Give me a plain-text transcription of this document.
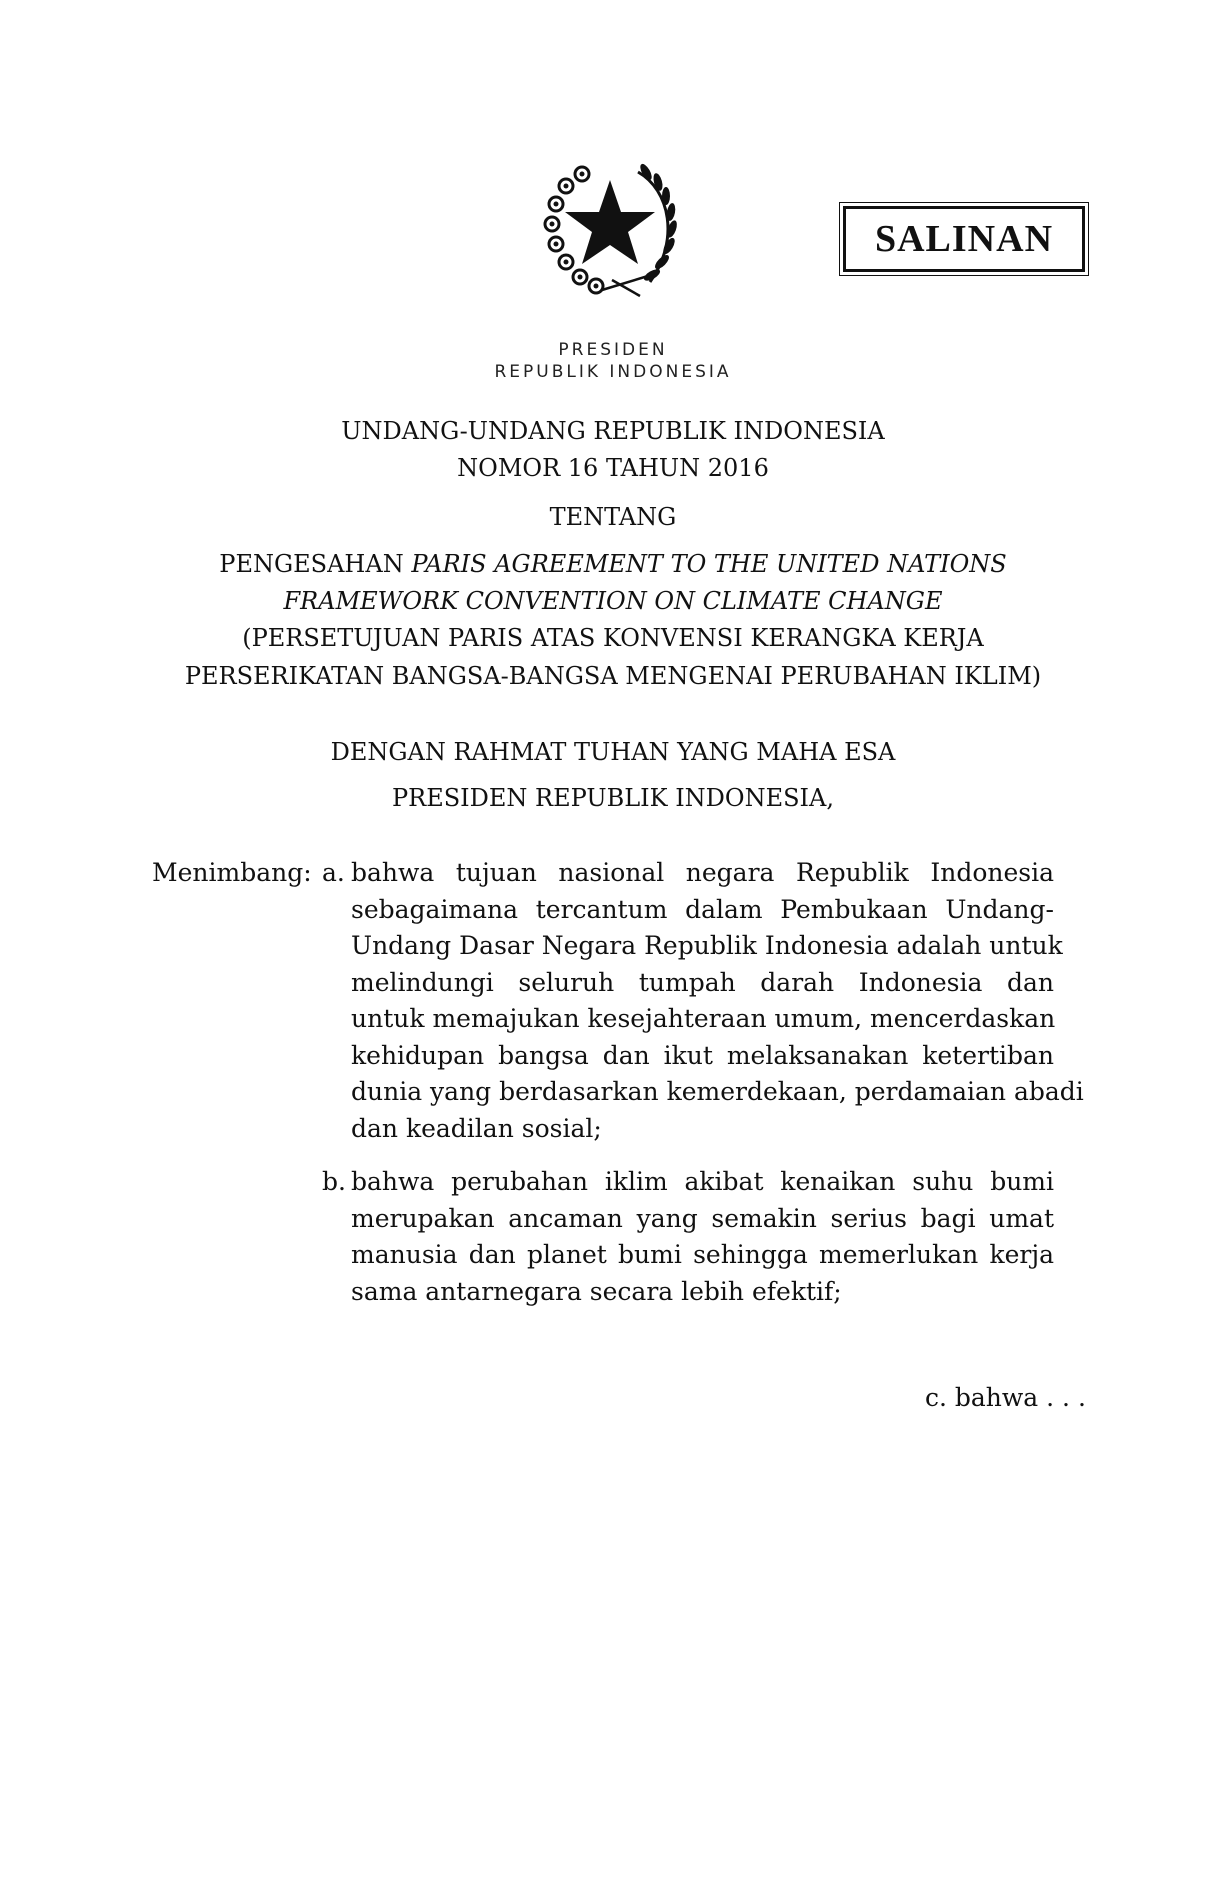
SALINAN
PRESIDEN
REPUBLIK INDONESIA
UNDANG-UNDANG REPUBLIK INDONESIA
NOMOR 16 TAHUN 2016
TENTANG
PENGESAHAN PARIS AGREEMENT TO THE UNITED NATIONS
FRAMEWORK CONVENTION ON CLIMATE CHANGE
(PERSETUJUAN PARIS ATAS KONVENSI KERANGKA KERJA
PERSERIKATAN BANGSA-BANGSA MENGENAI PERUBAHAN IKLIM)
DENGAN RAHMAT TUHAN YANG MAHA ESA
PRESIDEN REPUBLIK INDONESIA,
Menimbang: a. bahwa tujuan nasional negara Republik Indonesia
sebagaimana tercantum dalam Pembukaan Undang-
Undang Dasar Negara Republik Indonesia adalah untuk
melindungi seluruh tumpah darah Indonesia dan
untuk memajukan kesejahteraan umum, mencerdaskan
kehidupan bangsa dan ikut melaksanakan ketertiban
dunia yang berdasarkan kemerdekaan, perdamaian abadi
dan keadilan sosial;
b. bahwa perubahan iklim akibat kenaikan suhu bumi
merupakan ancaman yang semakin serius bagi umat
manusia dan planet bumi sehingga memerlukan kerja
sama antarnegara secara lebih efektif;
c. bahwa . . .
